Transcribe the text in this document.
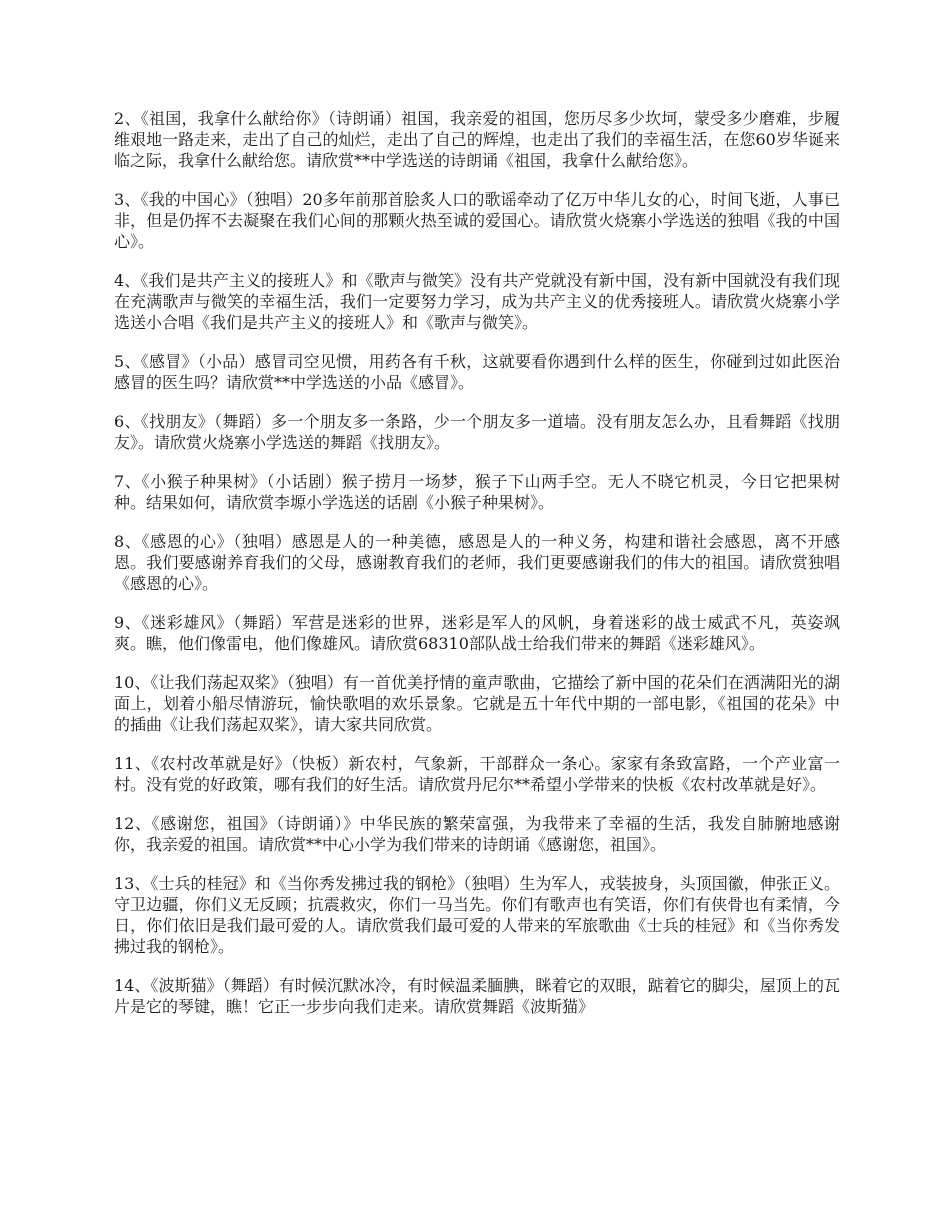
2、《祖国，我拿什么献给你》（诗朗诵）祖国，我亲爱的祖国，您历尽多少坎坷，蒙受多少磨难，步履维艰地一路走来，走出了自己的灿烂，走出了自己的辉煌，也走出了我们的幸福生活，在您60岁华诞来临之际，我拿什么献给您。请欣赏**中学选送的诗朗诵《祖国，我拿什么献给您》。

3、《我的中国心》（独唱）20多年前那首脍炙人口的歌谣牵动了亿万中华儿女的心，时间飞逝，人事已非，但是仍挥不去凝聚在我们心间的那颗火热至诚的爱国心。请欣赏火烧寨小学选送的独唱《我的中国心》。

4、《我们是共产主义的接班人》和《歌声与微笑》没有共产党就没有新中国，没有新中国就没有我们现在充满歌声与微笑的幸福生活，我们一定要努力学习，成为共产主义的优秀接班人。请欣赏火烧寨小学选送小合唱《我们是共产主义的接班人》和《歌声与微笑》。

5、《感冒》（小品）感冒司空见惯，用药各有千秋，这就要看你遇到什么样的医生，你碰到过如此医治感冒的医生吗？请欣赏**中学选送的小品《感冒》。

6、《找朋友》（舞蹈）多一个朋友多一条路，少一个朋友多一道墙。没有朋友怎么办，且看舞蹈《找朋友》。请欣赏火烧寨小学选送的舞蹈《找朋友》。

7、《小猴子种果树》（小话剧）猴子捞月一场梦，猴子下山两手空。无人不晓它机灵，今日它把果树种。结果如何，请欣赏李塬小学选送的话剧《小猴子种果树》。

8、《感恩的心》（独唱）感恩是人的一种美德，感恩是人的一种义务，构建和谐社会感恩，离不开感恩。我们要感谢养育我们的父母，感谢教育我们的老师，我们更要感谢我们的伟大的祖国。请欣赏独唱《感恩的心》。

9、《迷彩雄风》（舞蹈）军营是迷彩的世界，迷彩是军人的风帆，身着迷彩的战士威武不凡，英姿飒爽。瞧，他们像雷电，他们像雄风。请欣赏68310部队战士给我们带来的舞蹈《迷彩雄风》。

10、《让我们荡起双桨》（独唱）有一首优美抒情的童声歌曲，它描绘了新中国的花朵们在洒满阳光的湖面上，划着小船尽情游玩，愉快歌唱的欢乐景象。它就是五十年代中期的一部电影，《祖国的花朵》中的插曲《让我们荡起双桨》，请大家共同欣赏。

11、《农村改革就是好》（快板）新农村，气象新，干部群众一条心。家家有条致富路，一个产业富一村。没有党的好政策，哪有我们的好生活。请欣赏丹尼尔**希望小学带来的快板《农村改革就是好》。

12、《感谢您，祖国》（诗朗诵）》中华民族的繁荣富强，为我带来了幸福的生活，我发自肺腑地感谢你，我亲爱的祖国。请欣赏**中心小学为我们带来的诗朗诵《感谢您，祖国》。

13、《士兵的桂冠》和《当你秀发拂过我的钢枪》（独唱）生为军人，戎装披身，头顶国徽，伸张正义。守卫边疆，你们义无反顾；抗震救灾，你们一马当先。你们有歌声也有笑语，你们有侠骨也有柔情，今日，你们依旧是我们最可爱的人。请欣赏我们最可爱的人带来的军旅歌曲《士兵的桂冠》和《当你秀发拂过我的钢枪》。

14、《波斯猫》（舞蹈）有时候沉默冰冷，有时候温柔腼腆，眯着它的双眼，踮着它的脚尖，屋顶上的瓦片是它的琴键，瞧！它正一步步向我们走来。请欣赏舞蹈《波斯猫》
